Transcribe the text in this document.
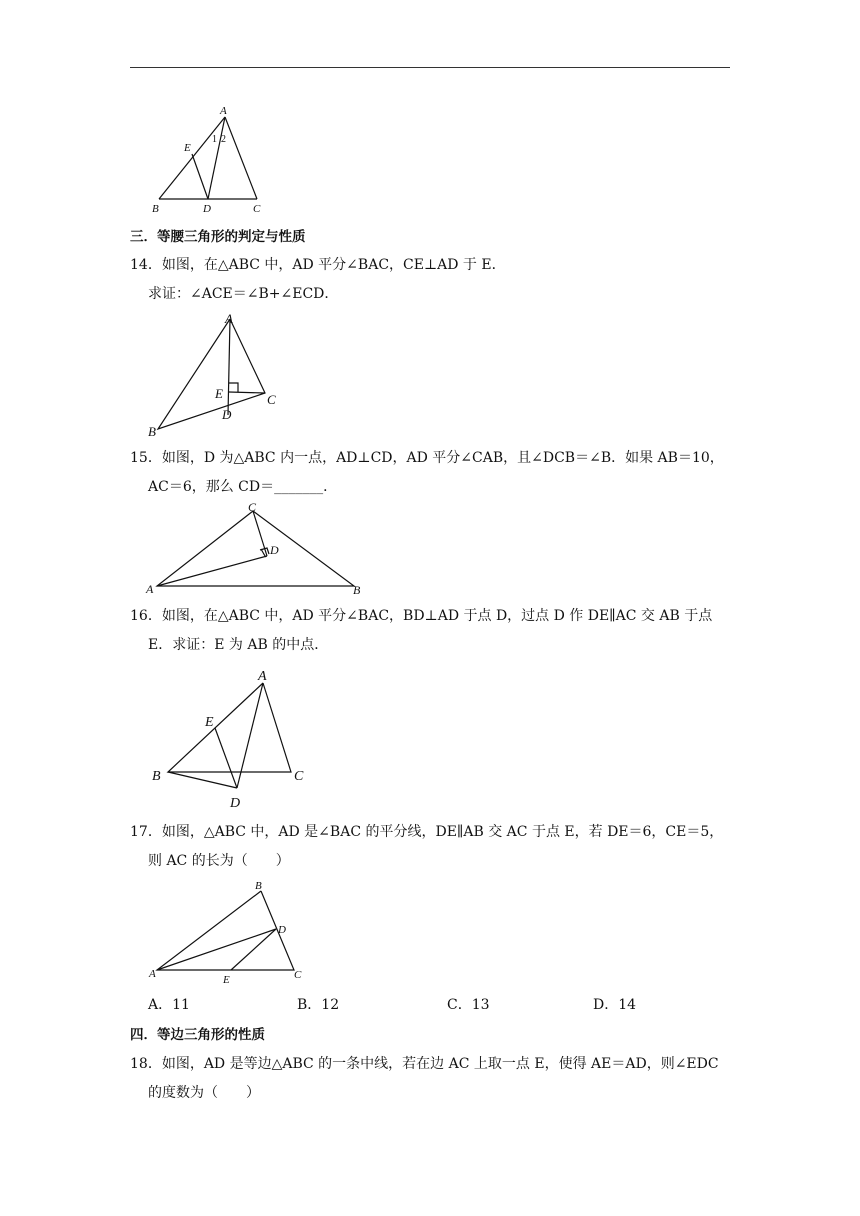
A
E
1 2
B	D	C
三．等腰三角形的判定与性质
14．如图，在△ABC 中，AD 平分∠BAC，CE⊥AD 于 E．
求证：∠ACE＝∠B+∠ECD．
A
E	C
D
B
15．如图，D 为△ABC 内一点，AD⊥CD，AD 平分∠CAB，且∠DCB＝∠B．如果 AB＝10，
AC＝6，那么 CD＝_______．
C
D
A	B
16．如图，在△ABC 中，AD 平分∠BAC，BD⊥AD 于点 D，过点 D 作 DE∥AC 交 AB 于点
E．求证：E 为 AB 的中点．
A
E
B	C
D
17．如图，△ABC 中，AD 是∠BAC 的平分线，DE∥AB 交 AC 于点 E，若 DE＝6，CE＝5，
则 AC 的长为（　　）
B
D
A	E	C
A．11	B．12	C．13	D．14
四．等边三角形的性质
18．如图，AD 是等边△ABC 的一条中线，若在边 AC 上取一点 E，使得 AE＝AD，则∠EDC
的度数为（　　）
